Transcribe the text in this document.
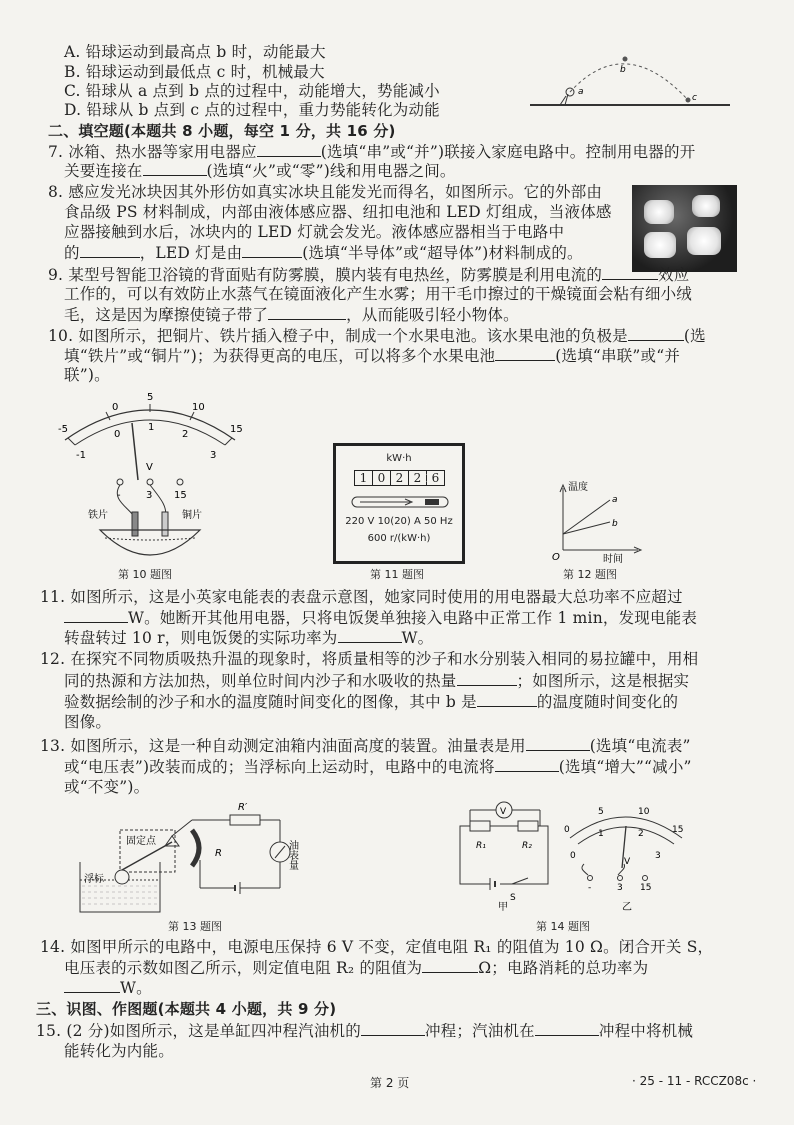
A. 铅球运动到最高点 b 时，动能最大
B. 铅球运动到最低点 c 时，机械最大
C. 铅球从 a 点到 b 点的过程中，动能增大，势能减小
D. 铅球从 b 点到 c 点的过程中，重力势能转化为动能
a
b
c
二、填空题(本题共 8 小题，每空 1 分，共 16 分)
7. 冰箱、热水器等家用电器应	(选填“串”或“并”)联接入家庭电路中。控制用电器的开
关要连接在	(选填“火”或“零”)线和用电器之间。
8. 感应发光冰块因其外形仿如真实冰块且能发光而得名，如图所示。它的外部由
食品级 PS 材料制成，内部由液体感应器、纽扣电池和 LED 灯组成，当液体感
应器接触到水后，冰块内的 LED 灯就会发光。液体感应器相当于电路中
的	，LED 灯是由	(选填“半导体”或“超导体”)材料制成的。
9. 某型号智能卫浴镜的背面贴有防雾膜，膜内装有电热丝，防雾膜是利用电流的	效应
工作的，可以有效防止水蒸气在镜面液化产生水雾；用干毛巾擦过的干燥镜面会粘有细小绒
毛，这是因为摩擦使镜子带了	，从而能吸引轻小物体。
10. 如图所示，把铜片、铁片插入橙子中，制成一个水果电池。该水果电池的负极是	(选
填“铁片”或“铜片”)；为获得更高的电压，可以将多个水果电池	(选填“串联”或“并
联”)。
-5
0
5
10
15
-1
0
1
2
3
V
-	3 15
铁片	铜片
第 10 题图
kW·h
1 0 2 2 6
220 V 10(20) A 50 Hz
600 r/(kW·h)
第 11 题图
温度
a
b
O	时间
第 12 题图
11. 如图所示，这是小英家电能表的表盘示意图，她家同时使用的用电器最大总功率不应超过
W。她断开其他用电器，只将电饭煲单独接入电路中正常工作 1 min，发现电能表
转盘转过 10 r，则电饭煲的实际功率为	W。
12. 在探究不同物质吸热升温的现象时，将质量相等的沙子和水分别装入相同的易拉罐中，用相
同的热源和方法加热，则单位时间内沙子和水吸收的热量	；如图所示，这是根据实
验数据绘制的沙子和水的温度随时间变化的图像，其中 b 是	的温度随时间变化的
图像。
13. 如图所示，这是一种自动测定油箱内油面高度的装置。油量表是用	(选填“电流表”
或“电压表”)改装而成的；当浮标向上运动时，电路中的电流将	(选填“增大”“减小”
或“不变”)。
R′
R
固定点
浮标
油表量
第 13 题图
V
R₁	R₂
S
甲
0
1	2
3
0
5	10
15
V
-	3 15
乙
第 14 题图
14. 如图甲所示的电路中，电源电压保持 6 V 不变，定值电阻 R₁ 的阻值为 10 Ω。闭合开关 S，
电压表的示数如图乙所示，则定值电阻 R₂ 的阻值为	Ω；电路消耗的总功率为
W。
三、识图、作图题(本题共 4 小题，共 9 分)
15. (2 分)如图所示，这是单缸四冲程汽油机的	冲程；汽油机在	冲程中将机械
能转化为内能。
第 2 页	· 25 - 11 - RCCZ08c ·
